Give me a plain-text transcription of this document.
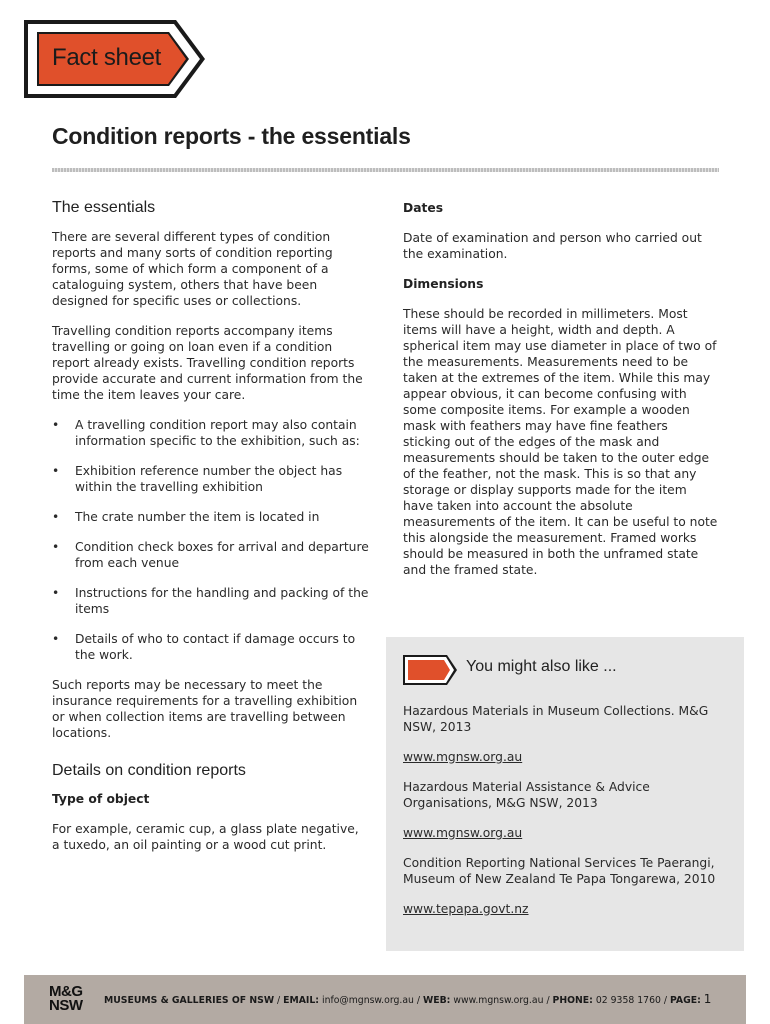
Fact sheet
Condition reports - the essentials
The essentials

There are several different types of condition reports and many sorts of condition reporting forms, some of which form a component of a cataloguing system, others that have been designed for specific uses or collections.

Travelling condition reports accompany items travelling or going on loan even if a condition report already exists. Travelling condition reports provide accurate and current information from the time the item leaves your care.

• A travelling condition report may also contain information specific to the exhibition, such as:
• Exhibition reference number the object has within the travelling exhibition
• The crate number the item is located in
• Condition check boxes for arrival and departure from each venue
• Instructions for the handling and packing of the items
• Details of who to contact if damage occurs to the work.

Such reports may be necessary to meet the insurance requirements for a travelling exhibition or when collection items are travelling between locations.

Details on condition reports
Type of object

For example, ceramic cup, a glass plate negative, a tuxedo, an oil painting or a wood cut print.

Dates

Date of examination and person who carried out the examination.

Dimensions

These should be recorded in millimeters. Most items will have a height, width and depth. A spherical item may use diameter in place of two of the measurements. Measurements need to be taken at the extremes of the item. While this may appear obvious, it can become confusing with some composite items. For example a wooden mask with feathers may have fine feathers sticking out of the edges of the mask and measurements should be taken to the outer edge of the feather, not the mask. This is so that any storage or display supports made for the item have taken into account the absolute measurements of the item. It can be useful to note this alongside the measurement. Framed works should be measured in both the unframed state and the framed state.

You might also like ...

Hazardous Materials in Museum Collections. M&G NSW, 2013

www.mgnsw.org.au

Hazardous Material Assistance & Advice Organisations, M&G NSW, 2013

www.mgnsw.org.au

Condition Reporting National Services Te Paerangi, Museum of New Zealand Te Papa Tongarewa, 2010

www.tepapa.govt.nz
M&G
NSW MUSEUMS & GALLERIES OF NSW / EMAIL: info@mgnsw.org.au / WEB: www.mgnsw.org.au / PHONE: 02 9358 1760 / PAGE: 1
